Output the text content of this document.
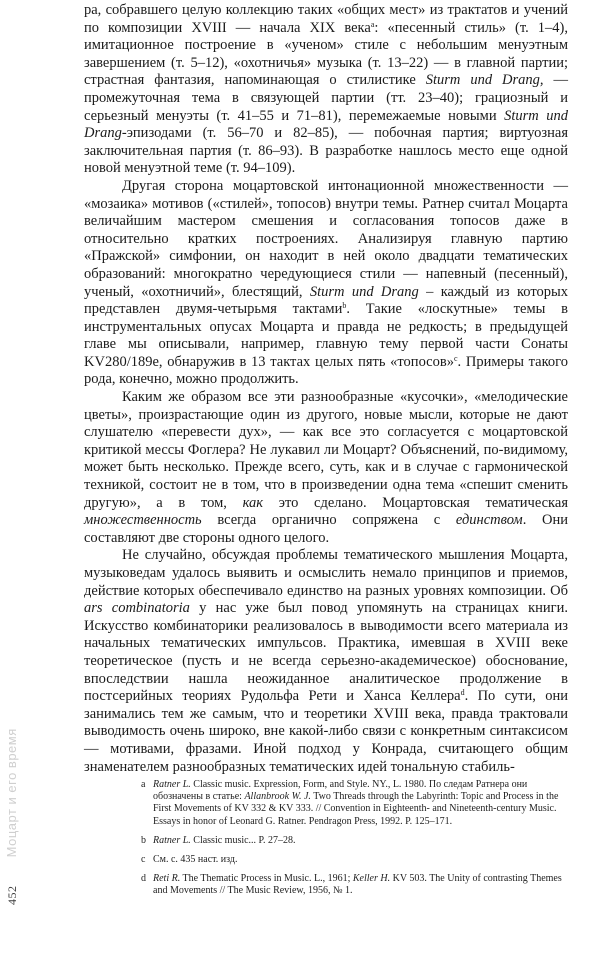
ра, собравшего целую коллекцию таких «общих мест» из трактатов и учений по композиции XVIII — начала XIX века$^a$: «песенный стиль» (т. 1–4), имитационное построение в «ученом» стиле с небольшим менуэтным завершением (т. 5–12), «охотничья» музыка (т. 13–22) — в главной партии; страстная фантазия, напоминающая о стилистике Sturm und Drang, — промежуточная тема в связующей партии (тт. 23–40); грациозный и серьезный менуэты (т. 41–55 и 71–81), перемежаемые новыми Sturm und Drang-эпизодами (т. 56–70 и 82–85), — побочная партия; виртуозная заключительная партия (т. 86–93). В разработке нашлось место еще одной новой менуэтной теме (т. 94–109).

Другая сторона моцартовской интонационной множественности — «мозаика» мотивов («стилей», топосов) внутри темы. Ратнер считал Моцарта величайшим мастером смешения и согласования топосов даже в относительно кратких построениях. Анализируя главную партию «Пражской» симфонии, он находит в ней около двадцати тематических образований: многократно чередующиеся стили — напевный (песенный), ученый, «охотничий», блестящий, Sturm und Drang – каждый из которых представлен двумя-четырьмя тактами$^b$. Такие «лоскутные» темы в инструментальных опусах Моцарта и правда не редкость; в предыдущей главе мы описывали, например, главную тему первой части Сонаты KV280/189e, обнаружив в 13 тактах целых пять «топосов»$^c$. Примеры такого рода, конечно, можно продолжить.

Каким же образом все эти разнообразные «кусочки», «мелодические цветы», произрастающие один из другого, новые мысли, которые не дают слушателю «перевести дух», — как все это согласуется с моцартовской критикой мессы Фоглера? Не лукавил ли Моцарт? Объяснений, по-видимому, может быть несколько. Прежде всего, суть, как и в случае с гармонической техникой, состоит не в том, что в произведении одна тема «спешит сменить другую», а в том, как это сделано. Моцартовская тематическая множественность всегда органично сопряжена с единством. Они составляют две стороны одного целого.

Не случайно, обсуждая проблемы тематического мышления Моцарта, музыковедам удалось выявить и осмыслить немало принципов и приемов, действие которых обеспечивало единство на разных уровнях композиции. Об ars combinatoria у нас уже был повод упомянуть на страницах книги. Искусство комбинаторики реализовалось в выводимости всего материала из начальных тематических импульсов. Практика, имевшая в XVIII веке теоретическое (пусть и не всегда серьезно-академическое) обоснование, впоследствии нашла неожиданное аналитическое продолжение в постсерийных теориях Рудольфа Рети и Ханса Келлера$^d$. По сути, они занимались тем же самым, что и теоретики XVIII века, правда трактовали выводимость очень широко, вне какой-либо связи с конкретным синтаксисом — мотивами, фразами. Иной подход у Конрада, считающего общим знаменателем разнообразных тематических идей тональную стабиль-

a Ratner L. Classic music. Expression, Form, and Style. NY., L. 1980. По следам Ратнера они обозначены в статье: Allanbrook W. J. Two Threads through the Labyrinth: Topic and Process in the First Movements of KV 332 & KV 333. // Convention in Eighteenth- and Nineteenth-century Music. Essays in honor of Leonard G. Ratner. Pendragon Press, 1992. P. 125–171.
b Ratner L. Classic music... P. 27–28.
c См. с. 435 наст. изд.
d Reti R. The Thematic Process in Music. L., 1961; Keller H. KV 503. The Unity of contrasting Themes and Movements // The Music Review, 1956, № 1.
452 Моцарт и его время
